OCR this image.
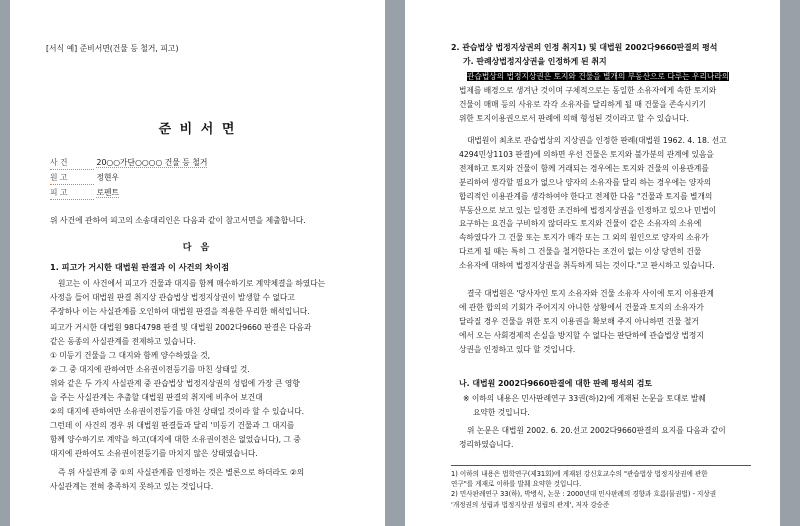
[서식 예] 준비서면(건물 등 철거, 피고)
준 비 서 면
사 건	20○○가단○○○○ 건물 등 철거
원 고	정현우
피 고	로펜트
위 사건에 관하여 피고의 소송대리인은 다음과 같이 참고서면을 제출합니다.
다 음
1. 피고가 거시한 대법원 판결과 이 사건의 차이점
원고는 이 사건에서 피고가 건물과 대지를 함께 매수하기로 계약체결을 하였다는
사정을 들어 대법원 판결 취지상 관습법상 법정지상권이 발생할 수 없다고
주장하나 이는 사실관계를 오인하여 대법원 판결을 적용한 무리한 해석입니다.
피고가 거시한 대법원 98다4798 판결 및 대법원 2002다9660 판결은 다음과
같은 동종의 사실관계를 전제하고 있습니다.
① 미등기 건물을 그 대지와 함께 양수하였을 것,
② 그 중 대지에 관하여만 소유권이전등기를 마친 상태일 것.
위와 같은 두 가지 사실관계 중 관습법상 법정지상권의 성립에 가장 큰 영향
을 주는 사실관계는 추출할 대법원 판결의 취지에 비추어 보건대
②의 대지에 관하여만 소유권이전등기를 마친 상태일 것이라 할 수 있습니다.
그런데 이 사건의 경우 위 대법원 판결들과 달리 '미등기 건물과 그 대지를
함께 양수하기로 계약을 하고(대지에 대한 소유권이전은 없었습니다), 그 중
대지에 관하여도 소유권이전등기를 마치지 않은 상태였습니다.
즉 위 사실관계 중 ①의 사실관계를 인정하는 것은 별론으로 하더라도 ②의
사실관계는 전혀 충족하지 못하고 있는 것입니다.
2. 관습법상 법정지상권의 인정 취지1) 및 대법원 2002다9660판결의 평석
가. 판례상법정지상권을 인정하게 된 취지
관습법상의 법정지상권은 토지와 건물을 별개의 부동산으로 다루는 우리나라의
법제를 배경으로 생겨난 것이며 구체적으로는 동일한 소유자에게 속한 토지와
건물이 매매 등의 사유로 각각 소유자를 달리하게 될 때 건물을 존속시키기
위한 토지이용권으로서 판례에 의해 형성된 것이라고 할 수 있습니다.
대법원이 최초로 관습법상의 지상권을 인정한 판례(대법원 1962. 4. 18. 선고
4294민상1103 판결)에 의하면 우선 건물은 토지와 불가분의 관계에 있음을
전제하고 토지와 건물이 함께 거래되는 경우에는 토지와 건물의 이용관계를
분리하여 생각할 필요가 없으나 양자의 소유자를 달리 하는 경우에는 양자의
합리적인 이용관계를 생각하여야 한다고 전제한 다음 "건물과 토지를 별개의
부동산으로 보고 있는 일정한 조건하에 법정지상권을 인정하고 있으나 민법이
요구하는 요건을 구비하지 않더라도 토지와 건물이 같은 소유자의 소유에
속하였다가 그 건물 또는 토지가 매각 또는 그 외의 원인으로 양자의 소유가
다르게 될 때는 특히 그 건물을 철거한다는 조건이 없는 이상 당연히 건물
소유자에 대하여 법정지상권을 취득하게 되는 것이다."고 판시하고 있습니다.
결국 대법원은 '당사자인 토지 소유자와 건물 소유자 사이에 토지 이용관계
에 관한 합의의 기회가 주어지지 아니한 상황에서 건물과 토지의 소유자가
달라질 경우 건물을 위한 토지 이용권을 확보해 주지 아니하면 건물 철거
에서 오는 사회경제적 손실을 방지할 수 없다는 판단하에 관습법상 법정지
상권을 인정하고 있다 할 것입니다.
나. 대법원 2002다9660판결에 대한 판례 평석의 검토
※ 이하의 내용은 민사판례연구 33권(하)2)에 게재된 논문을 토대로 발췌
요약한 것입니다.
위 논문은 대법원 2002. 6. 20.선고 2002다9660판결의 요지를 다음과 같이
정리하였습니다.
1) 이하의 내용은 법학연구(제31회)에 게재된 강신호교수의 "관습법상 법정지상권에 관한
연구"를 게재로 이하를 발췌 요약한 것입니다.
2) 민사판례연구 33(하), 박병식, 논문 : 2000년대 민사판례의 경향과 흐름(물권법) - 지상권
'개정권의 성립과 법정지상권 성립의 관계', 저자 강승준
